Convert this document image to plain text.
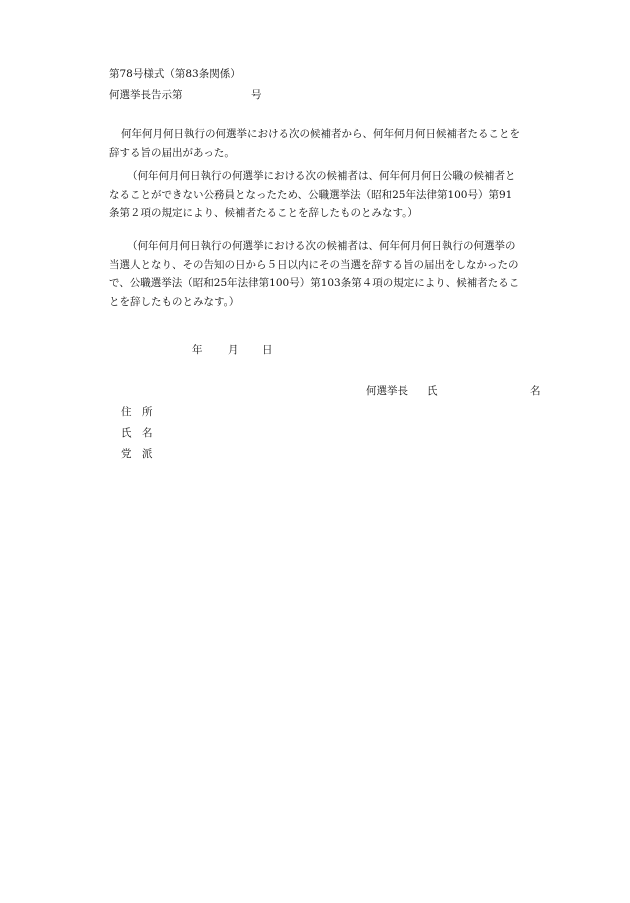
第78号様式（第83条関係）
何選挙長告示第	号
何年何月何日執行の何選挙における次の候補者から、何年何月何日候補者たることを辞する旨の届出があった。
（何年何月何日執行の何選挙における次の候補者は、何年何月何日公職の候補者となることができない公務員となったため、公職選挙法（昭和25年法律第100号）第91条第２項の規定により、候補者たることを辞したものとみなす。）
（何年何月何日執行の何選挙における次の候補者は、何年何月何日執行の何選挙の当選人となり、その告知の日から５日以内にその当選を辞する旨の届出をしなかったので、公職選挙法（昭和25年法律第100号）第103条第４項の規定により、候補者たることを辞したものとみなす。）
年 月 日
何選挙長 氏	名
住　所
氏　名
党　派
